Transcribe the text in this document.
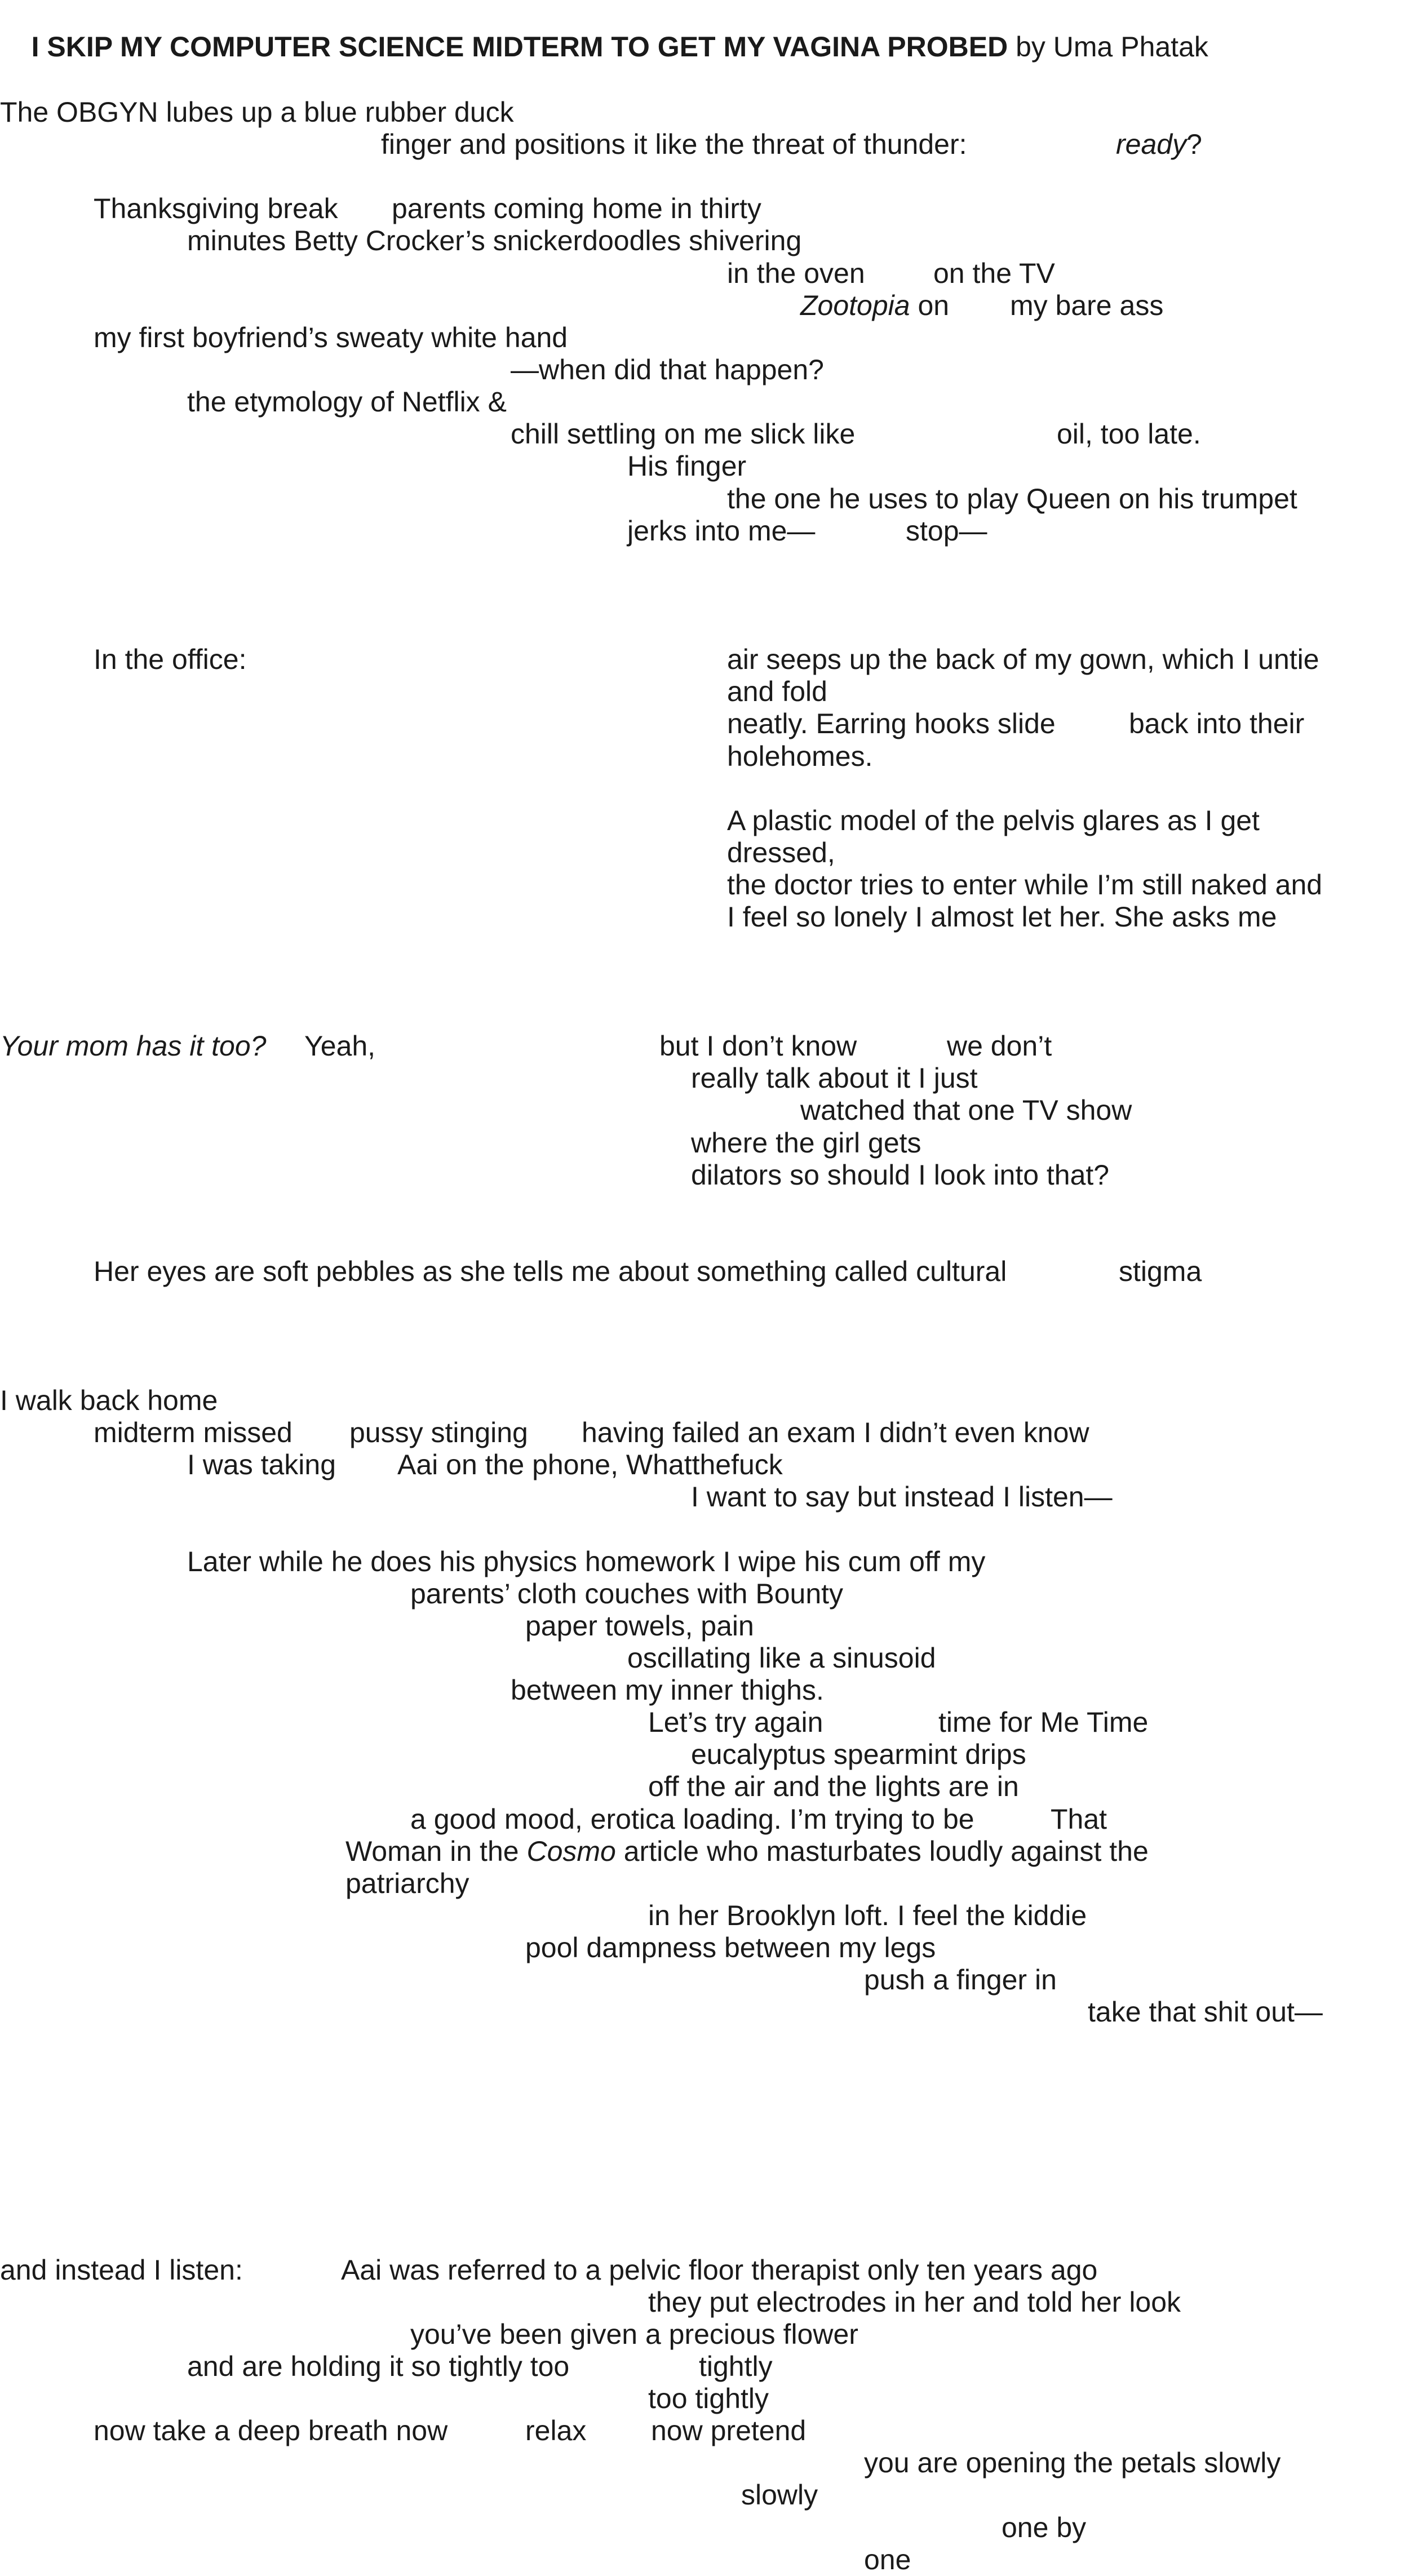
I SKIP MY COMPUTER SCIENCE MIDTERM TO GET MY VAGINA PROBED by Uma Phatak

The OBGYN lubes up a blue rubber duck
finger and positions it like the threat of thunder:	ready?
Thanksgiving break parents coming home in thirty
minutes Betty Crocker’s snickerdoodles shivering
in the oven on the TV
Zootopia on my bare ass
my first boyfriend’s sweaty white hand
—when did that happen?
the etymology of Netflix &
chill settling on me slick like	oil, too late.
His finger
the one he uses to play Queen on his trumpet
jerks into me—	stop—
In the office:	air seeps up the back of my gown, which I untie
and fold
neatly. Earring hooks slide	back into their
holehomes.
A plastic model of the pelvis glares as I get
dressed,
the doctor tries to enter while I’m still naked and
I feel so lonely I almost let her. She asks me
Your mom has it too? Yeah,	but I don’t know	we don’t
really talk about it I just
watched that one TV show
where the girl gets
dilators so should I look into that?
Her eyes are soft pebbles as she tells me about something called cultural	stigma
I walk back home
midterm missed pussy stinging having failed an exam I didn’t even know
I was taking Aai on the phone, Whatthefuck
I want to say but instead I listen—
Later while he does his physics homework I wipe his cum off my
parents’ cloth couches with Bounty
paper towels, pain
oscillating like a sinusoid
between my inner thighs.
Let’s try again	time for Me Time
eucalyptus spearmint drips
off the air and the lights are in
a good mood, erotica loading. I’m trying to be	That
Woman in the Cosmo article who masturbates loudly against the
patriarchy
in her Brooklyn loft. I feel the kiddie
pool dampness between my legs
push a finger in
take that shit out—
and instead I listen:	Aai was referred to a pelvic floor therapist only ten years ago
they put electrodes in her and told her look
you’ve been given a precious flower
and are holding it so tightly too	tightly
too tightly
now take a deep breath now	relax now pretend
you are opening the petals slowly
slowly
one by
one
